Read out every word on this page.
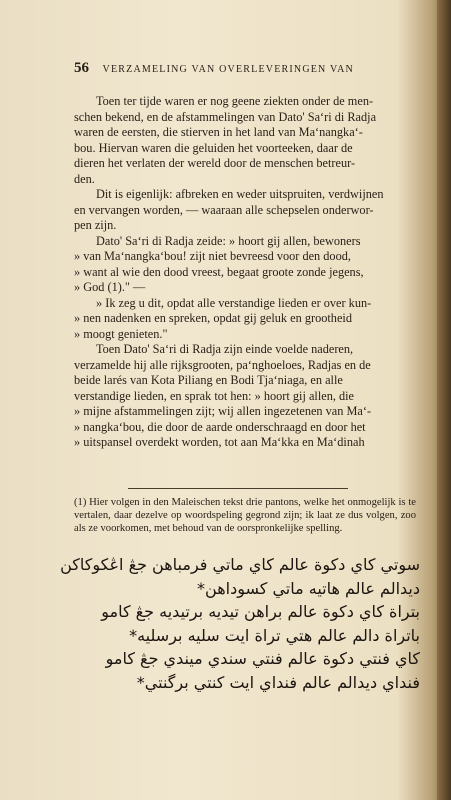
56 VERZAMELING VAN OVERLEVERINGEN VAN

Toen ter tijde waren er nog geene ziekten onder de men-
schen bekend, en de afstammelingen van Dato' Sa‘ri di Radja
waren de eersten, die stierven in het land van Ma‘nangka‘-
bou. Hiervan waren die geluiden het voorteeken, daar de
dieren het verlaten der wereld door de menschen betreur-
den.

Dit is eigenlijk: afbreken en weder uitspruiten, verdwijnen
en vervangen worden, — waaraan alle schepselen onderwor-
pen zijn.

Dato' Sa‘ri di Radja zeide: » hoort gij allen, bewoners
» van Ma‘nangka‘bou! zijt niet bevreesd voor den dood,
» want al wie den dood vreest, begaat groote zonde jegens,
» God (1)." —

» Ik zeg u dit, opdat alle verstandige lieden er over kun-
» nen nadenken en spreken, opdat gij geluk en grootheid
» moogt genieten."

Toen Dato' Sa‘ri di Radja zijn einde voelde naderen,
verzamelde hij alle rijksgrooten, pa‘nghoeloes, Radjas en de
beide larés van Kota Piliang en Bodi Tja‘niaga, en alle
verstandige lieden, en sprak tot hen: » hoort gij allen, die
» mijne afstammelingen zijt; wij allen ingezetenen van Ma‘-
» nangka‘bou, die door de aarde onderschraagd en door het
» uitspansel overdekt worden, tot aan Ma‘kka en Ma‘dinah

(1) Hier volgen in den Maleischen tekst drie pantons, welke het onmogelijk is te vertalen, daar dezelve op woordspeling gegrond zijn; ik laat ze dus volgen, zoo als ze voorkomen, met behoud van de oorspronkelijke spelling.
سوتي كاي دكوة عالم كاي ماتي فرمباهن جڠ اڠكوكاكن
ديدالم عالم هاتيه ماتي كسوداهن*
بتراة كاي دكوة عالم براهن تيديه برتيديه جڠ كامو
باتراة دالم عالم هتي تراة ايت سليه برسليه*
كاي فنتي دكوة عالم فنتي سندي ميندي جڠ كامو
فنداي ديدالم عالم فنداي ايت كنتي برگنتي*
